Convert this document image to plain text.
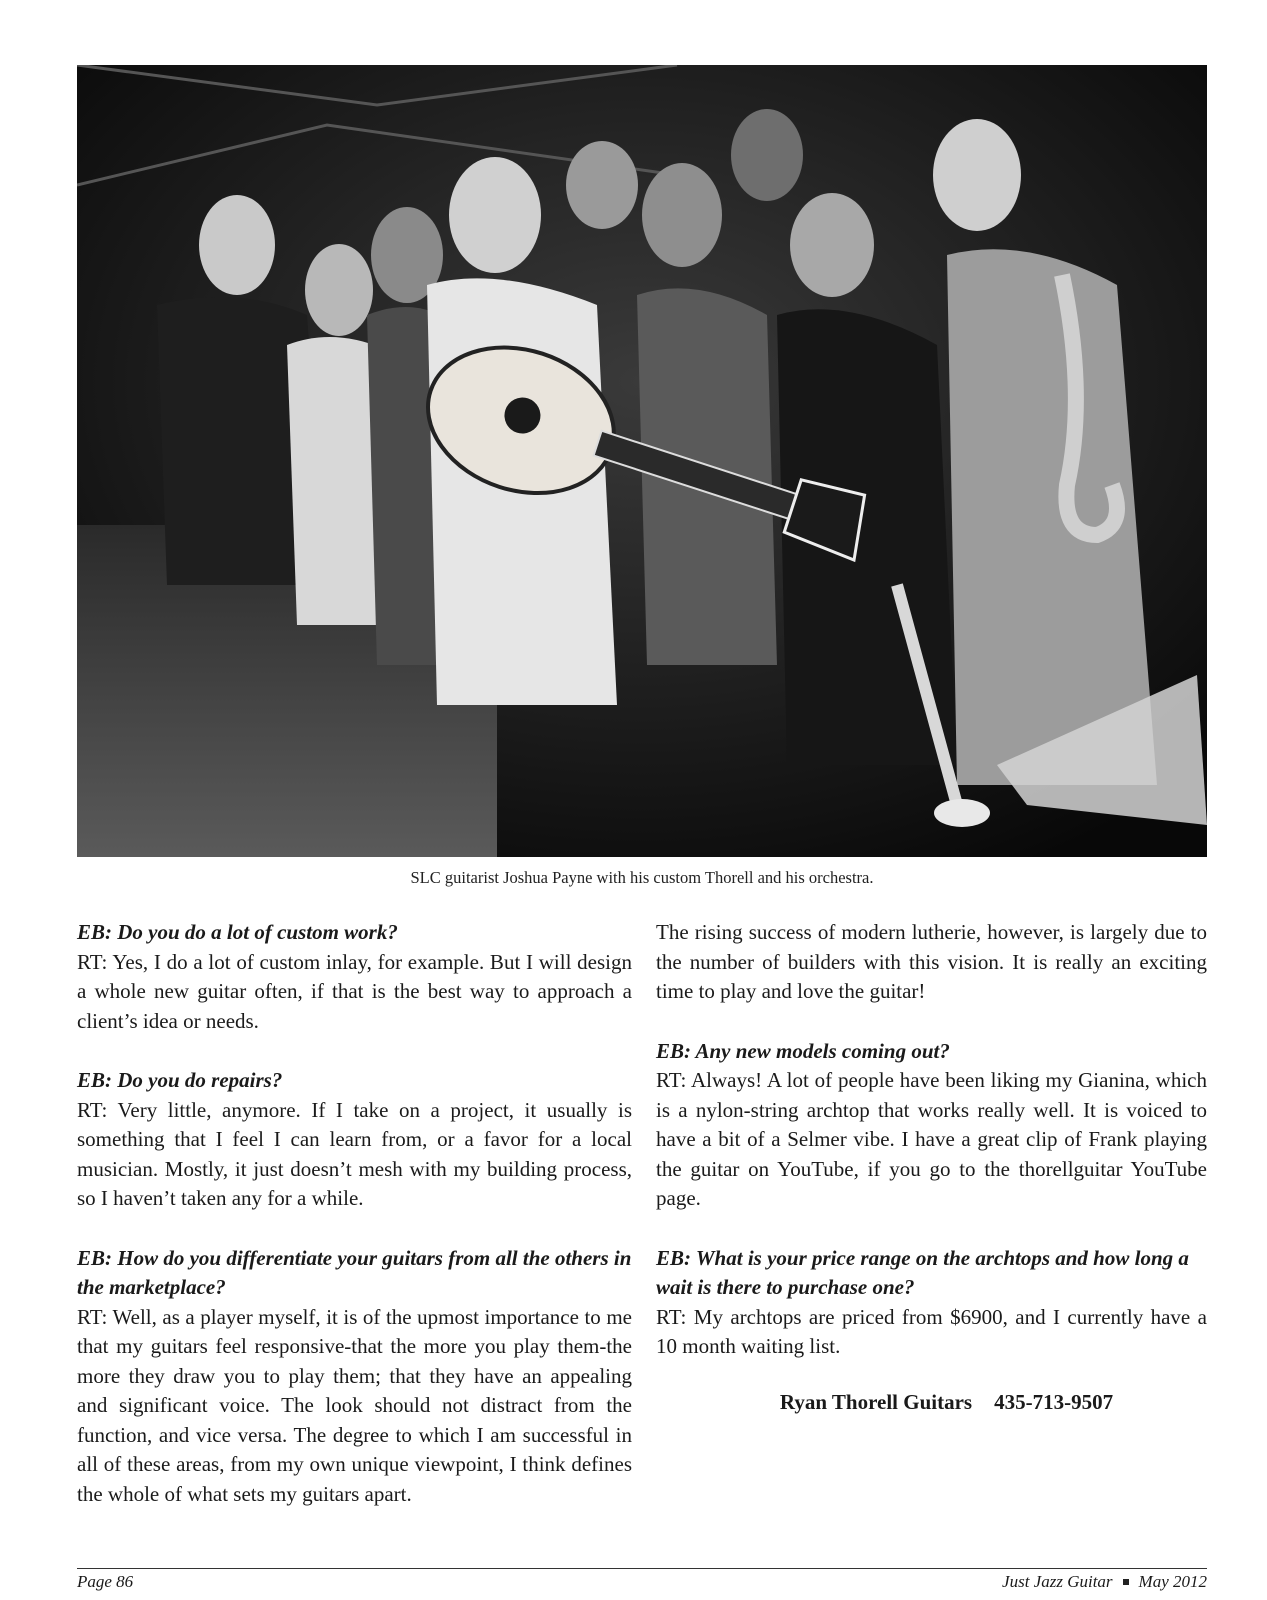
SLC guitarist Joshua Payne with his custom Thorell and his orchestra.

EB: Do you do a lot of custom work?

RT: Yes, I do a lot of custom inlay, for example. But I will design a whole new guitar often, if that is the best way to approach a client’s idea or needs.

EB: Do you do repairs?

RT: Very little, anymore. If I take on a project, it usually is something that I feel I can learn from, or a favor for a local musician. Mostly, it just doesn’t mesh with my building process, so I haven’t taken any for a while.

EB: How do you differentiate your guitars from all the others in the marketplace?

RT: Well, as a player myself, it is of the upmost importance to me that my guitars feel responsive-that the more you play them-the more they draw you to play them; that they have an appealing and significant voice. The look should not distract from the function, and vice versa. The degree to which I am successful in all of these areas, from my own unique viewpoint, I think defines the whole of what sets my guitars apart.

The rising success of modern lutherie, however, is largely due to the number of builders with this vision. It is really an exciting time to play and love the guitar!

EB: Any new models coming out?

RT: Always! A lot of people have been liking my Gianina, which is a nylon-string archtop that works really well. It is voiced to have a bit of a Selmer vibe. I have a great clip of Frank playing the guitar on YouTube, if you go to the thorellguitar YouTube page.

EB: What is your price range on the archtops and how long a wait is there to purchase one?

RT: My archtops are priced from $6900, and I currently have a 10 month waiting list.

Ryan Thorell Guitars 435-713-9507
Page 86	Just Jazz Guitar May 2012
